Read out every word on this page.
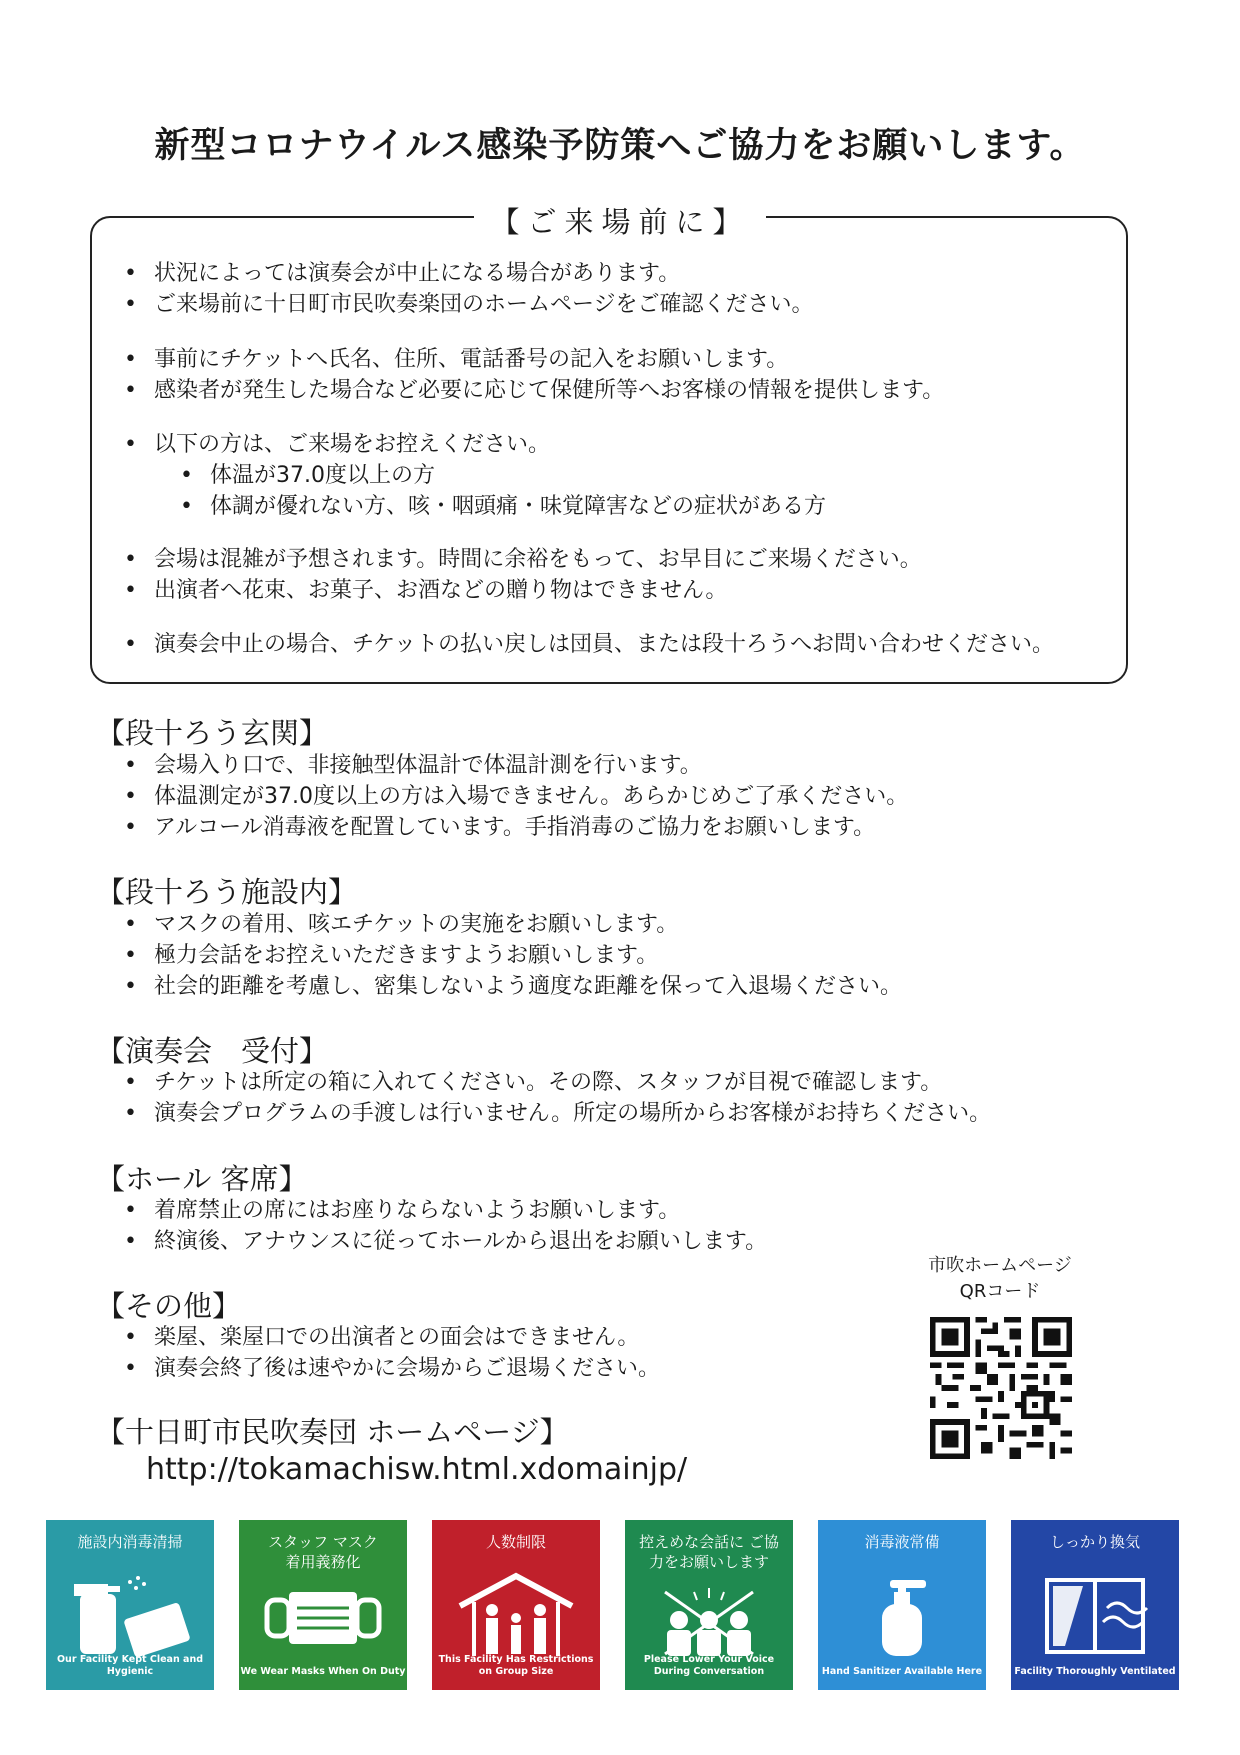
新型コロナウイルス感染予防策へご協力をお願いします。
【ご来場前に】
• 状況によっては演奏会が中止になる場合があります。
• ご来場前に十日町市民吹奏楽団のホームページをご確認ください。
• 事前にチケットへ氏名、住所、電話番号の記入をお願いします。
• 感染者が発生した場合など必要に応じて保健所等へお客様の情報を提供します。
• 以下の方は、ご来場をお控えください。
• 体温が37.0度以上の方
• 体調が優れない方、咳・咽頭痛・味覚障害などの症状がある方
• 会場は混雑が予想されます。時間に余裕をもって、お早目にご来場ください。
• 出演者へ花束、お菓子、お酒などの贈り物はできません。
• 演奏会中止の場合、チケットの払い戻しは団員、または段十ろうへお問い合わせください。
【段十ろう玄関】
• 会場入り口で、非接触型体温計で体温計測を行います。
• 体温測定が37.0度以上の方は入場できません。あらかじめご了承ください。
• アルコール消毒液を配置しています。手指消毒のご協力をお願いします。
【段十ろう施設内】
• マスクの着用、咳エチケットの実施をお願いします。
• 極力会話をお控えいただきますようお願いします。
• 社会的距離を考慮し、密集しないよう適度な距離を保って入退場ください。
【演奏会　受付】
• チケットは所定の箱に入れてください。その際、スタッフが目視で確認します。
• 演奏会プログラムの手渡しは行いません。所定の場所からお客様がお持ちください。
【ホール 客席】
• 着席禁止の席にはお座りならないようお願いします。
• 終演後、アナウンスに従ってホールから退出をお願いします。
【その他】
• 楽屋、楽屋口での出演者との面会はできません。
• 演奏会終了後は速やかに会場からご退場ください。
【十日町市民吹奏団 ホームページ】
http://tokamachisw.html.xdomainjp/
市吹ホームページ
QRコード
施設内消毒清掃
Our Facility Kept Clean and Hygienic
スタッフ マスク着用義務化
We Wear Masks When On Duty
人数制限
This Facility Has Restrictions on Group Size
控えめな会話に ご協力をお願いします
Please Lower Your Voice During Conversation
消毒液常備
Hand Sanitizer Available Here
しっかり換気
Facility Thoroughly Ventilated
